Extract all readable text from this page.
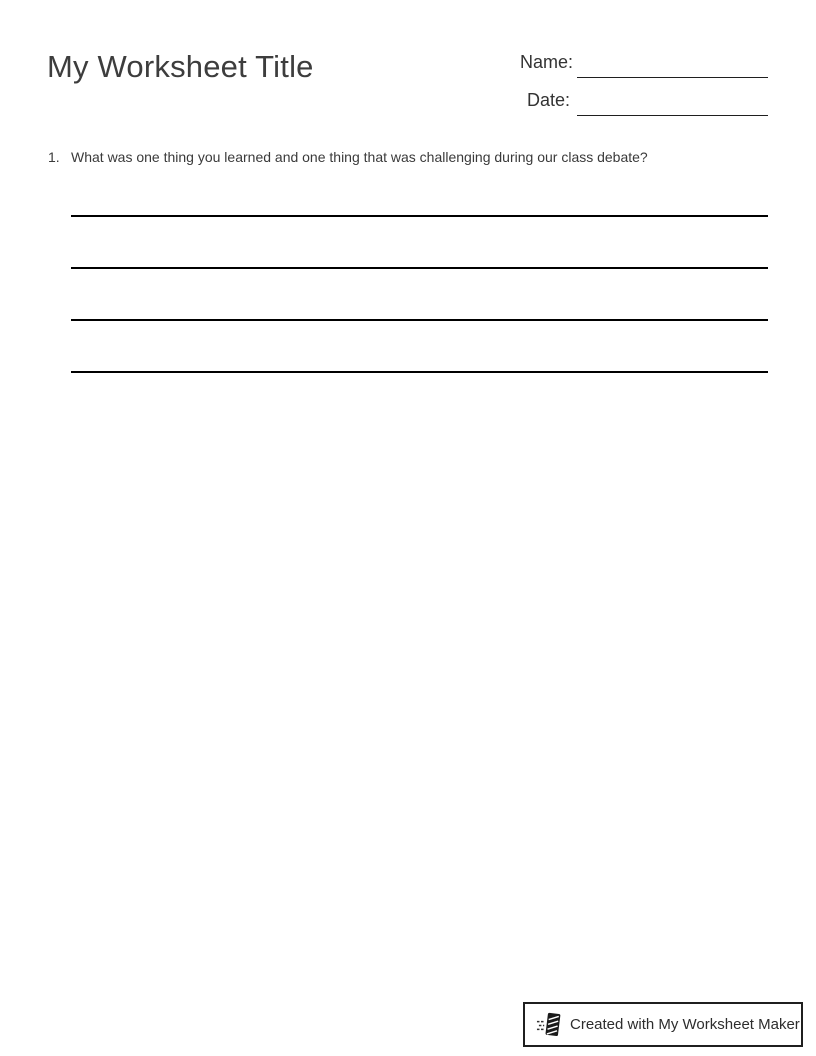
My Worksheet Title	Name:
Date:
1. What was one thing you learned and one thing that was challenging during our class debate?
Created with My Worksheet Maker
